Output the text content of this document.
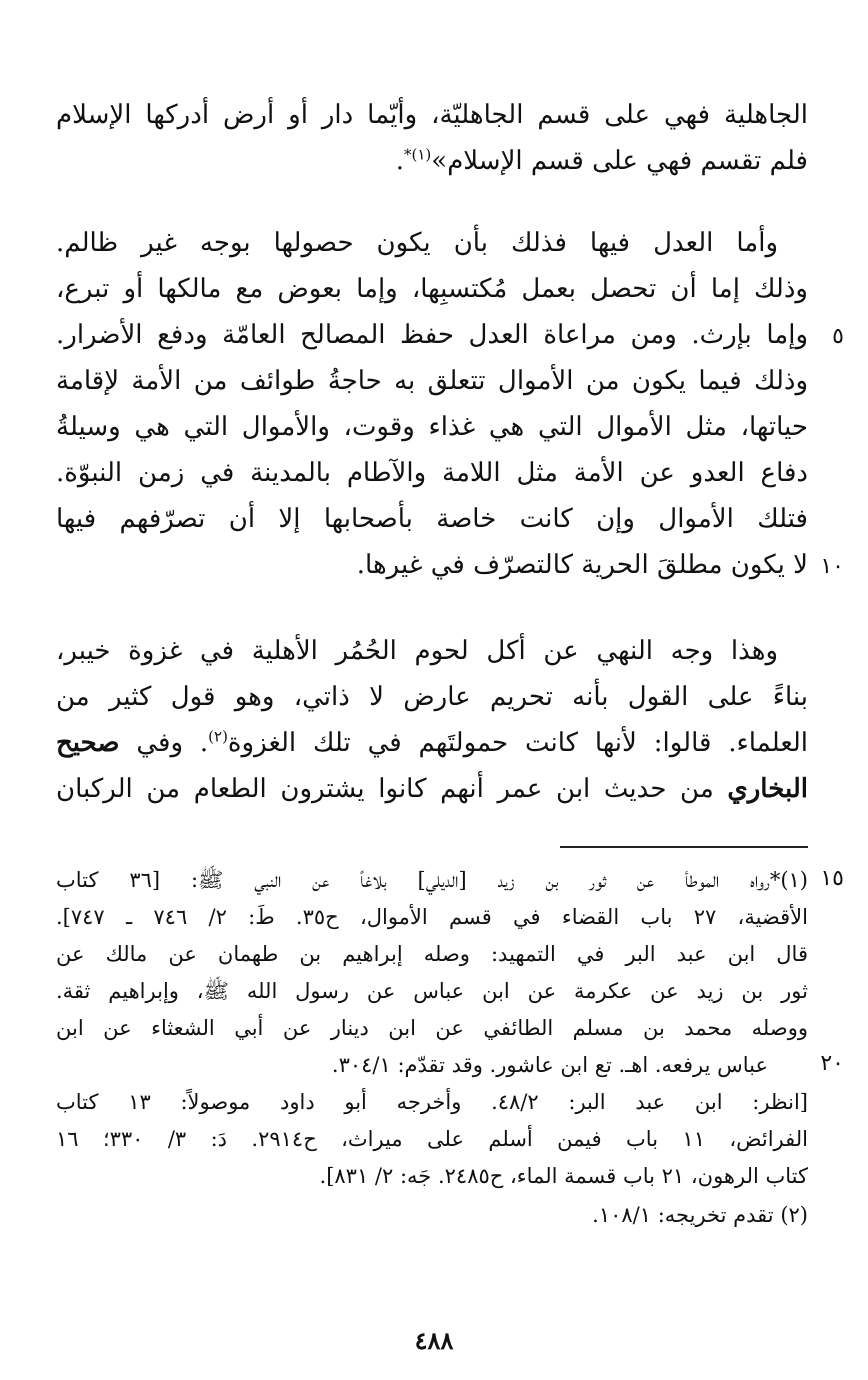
الجاهلية فهي على قسم الجاهليّة، وأيّما دار أو أرض أدركها الإسلام
فلم تقسم فهي على قسم الإسلام»$^{(١)*}$.
وأما العدل فيها فذلك بأن يكون حصولها بوجه غير ظالم.
وذلك إما أن تحصل بعمل مُكتسبِها، وإما بعوض مع مالكها أو تبرع،
وإما بإرث. ومن مراعاة العدل حفظ المصالح العامّة ودفع الأضرار.
وذلك فيما يكون من الأموال تتعلق به حاجةُ طوائف من الأمة لإقامة
حياتها، مثل الأموال التي هي غذاء وقوت، والأموال التي هي وسيلةُ
دفاع العدو عن الأمة مثل اللامة والآطام بالمدينة في زمن النبوّة.
فتلك الأموال وإن كانت خاصة بأصحابها إلا أن تصرّفهم فيها
لا يكون مطلقَ الحرية كالتصرّف في غيرها.
وهذا وجه النهي عن أكل لحوم الحُمُر الأهلية في غزوة خيبر،
بناءً على القول بأنه تحريم عارض لا ذاتي، وهو قول كثير من
العلماء. قالوا: لأنها كانت حمولتَهم في تلك الغزوة$^{(٢)}$. وفي صحيح
البخاري من حديث ابن عمر أنهم كانوا يشترون الطعام من الركبان
(١)*رواه الموطأ عن ثور بن زيد [الديلي] بلاغاً عن النبي ﷺ: [٣٦ كتاب
الأقضية، ٢٧ باب القضاء في قسم الأموال، ح٣٥. طَ: ٢/ ٧٤٦ ـ ٧٤٧].
قال ابن عبد البر في التمهيد: وصله إبراهيم بن طهمان عن مالك عن
ثور بن زيد عن عكرمة عن ابن عباس عن رسول الله ﷺ، وإبراهيم ثقة.
ووصله محمد بن مسلم الطائفي عن ابن دينار عن أبي الشعثاء عن ابن
عباس يرفعه. اهـ. تع ابن عاشور. وقد تقدّم: ٣٠٤/١.
[انظر: ابن عبد البر: ٤٨/٢. وأخرجه أبو داود موصولاً: ١٣ كتاب
الفرائض، ١١ باب فيمن أسلم على ميراث، ح٢٩١٤. دَ: ٣/ ٣٣٠؛ ١٦
كتاب الرهون، ٢١ باب قسمة الماء، ح٢٤٨٥. جَه: ٢/ ٨٣١].
(٢) تقدم تخريجه: ١٠٨/١.
٥
١٠
١٥
٢٠
٤٨٨
